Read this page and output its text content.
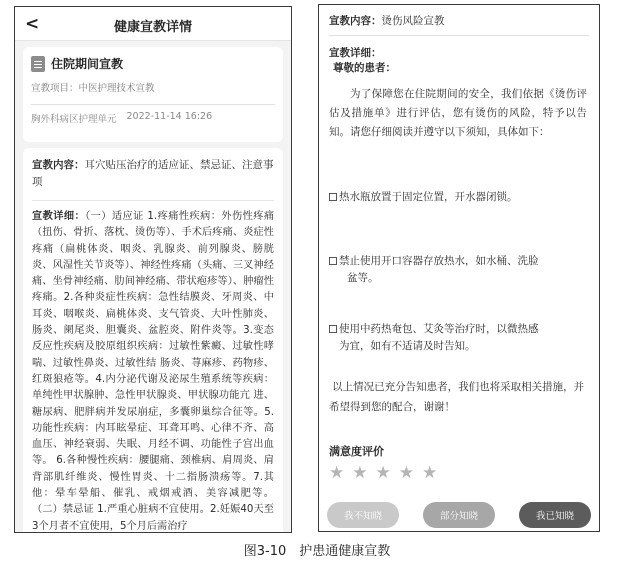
<	健康宣教详情
住院期间宣教
宣教项目：中医护理技术宣教
胸外科病区护理单元 2022-11-14 16:26
宣教内容：耳穴贴压治疗的适应证、禁忌证、注意事项
宣教详细：（一）适应证 1.疼痛性疾病：外伤性疼痛（扭伤、骨折、落枕、烫伤等）、手术后疼痛、炎症性疼痛（扁桃体炎、咽炎、乳腺炎、前列腺炎、膀胱炎、风湿性关节炎等）、神经性疼痛（头痛、三叉神经痛、坐骨神经痛、肋间神经痛、带状疱疹等）、肿瘤性疼痛。2.各种炎症性疾病：急性结膜炎、牙周炎、中耳炎、咽喉炎、扁桃体炎、支气管炎、大叶性肺炎、肠炎、阑尾炎、胆囊炎、盆腔炎、附件炎等。3.变态反应性疾病及胶原组织疾病：过敏性紫癜、过敏性哮喘、过敏性鼻炎、过敏性结 肠炎、荨麻疹、药物疹、红斑狼疮等。4.内分泌代谢及泌尿生殖系统等疾病：单纯性甲状腺肿、急性甲状腺炎、甲状腺功能亢 进、糖尿病、肥胖病并发尿崩症，多囊卵巢综合征等。5.功能性疾病：内耳眩晕症、耳聋耳鸣、心律不齐、高血压、神经衰弱、失眠、月经不调、功能性子宫出血等。 6.各种慢性疾病：腰腿痛、颈椎病、肩周炎、肩背部肌纤维炎、慢性胃炎、十二指肠溃疡等。7.其他：晕车晕船、催乳、戒烟戒酒、美容减肥等。 （二）禁忌证 1.严重心脏病不宜使用。2.妊娠40天至3个月者不宜使用，5个月后需治疗
宣教内容：烫伤风险宣教
宣教详细：
尊敬的患者：
为了保障您在住院期间的安全，我们依据《烫伤评估及措施单》进行评估，您有烫伤的风险，特予以告知。请您仔细阅读并遵守以下须知，具体如下：
热水瓶放置于固定位置，开水器闭锁。
禁止使用开口容器存放热水，如水桶、洗脸
盆等。
使用中药热奄包、艾灸等治疗时，以微热感
为宜，如有不适请及时告知。
以上情况已充分告知患者，我们也将采取相关措施，并希望得到您的配合，谢谢！
满意度评价
★ ★ ★ ★ ★
我不知晓	部分知晓	我已知晓
图3-10　护患通健康宣教
